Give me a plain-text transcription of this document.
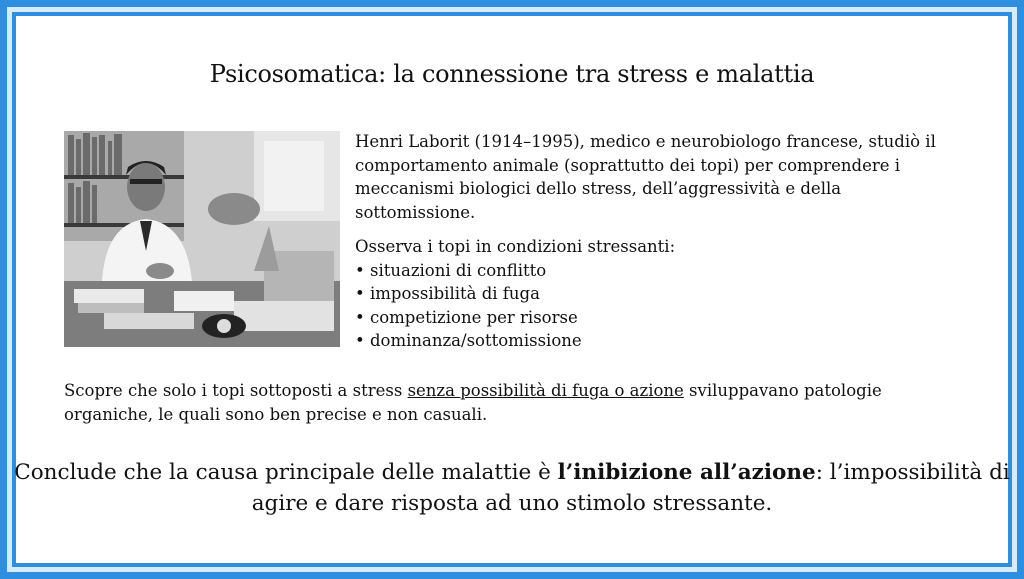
Psicosomatica: la connessione tra stress e malattia
Henri Laborit (1914–1995), medico e neurobiologo francese, studiò il comportamento animale (soprattutto dei topi) per comprendere i meccanismi biologici dello stress, dell’aggressività e della sottomissione.
Osserva i topi in condizioni stressanti:
• situazioni di conflitto
• impossibilità di fuga
• competizione per risorse
• dominanza/sottomissione
Scopre che solo i topi sottoposti a stress senza possibilità di fuga o azione sviluppavano patologie organiche, le quali sono ben precise e non casuali.
Conclude che la causa principale delle malattie è l’inibizione all’azione: l’impossibilità di agire e dare risposta ad uno stimolo stressante.
